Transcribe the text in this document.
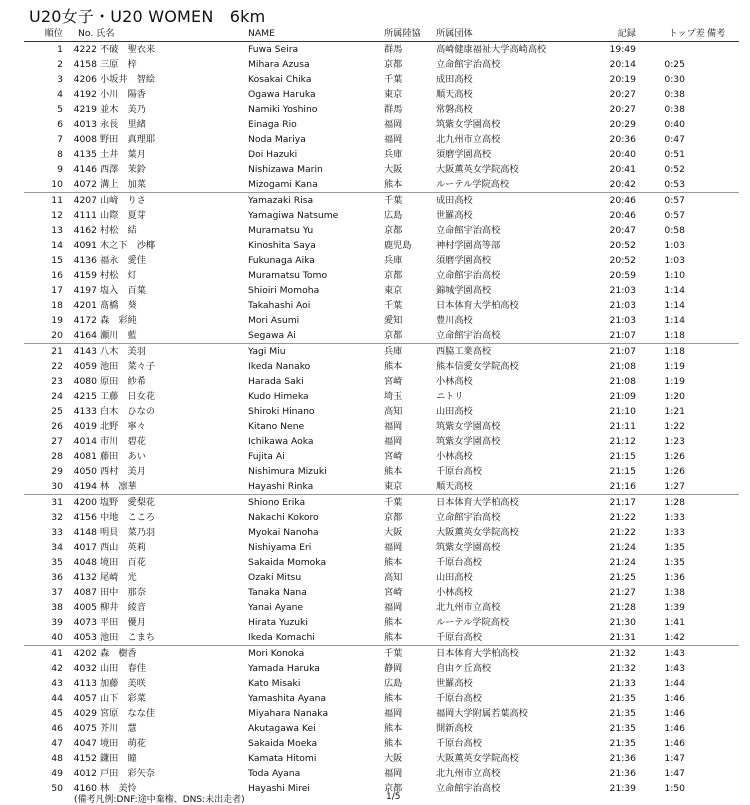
U20女子・U20 WOMEN　6km
順位	No. 氏名		NAME	所属陸協	所属団体	記録	トップ差	備考
1	4222	不破　聖衣来	Fuwa Seira	群馬	高崎健康福祉大学高崎高校	19:49		
2	4158	三原　梓	Mihara Azusa	京都	立命館宇治高校	20:14	0:25	
3	4206	小坂井　智絵	Kosakai Chika	千葉	成田高校	20:19	0:30	
4	4192	小川　陽香	Ogawa Haruka	東京	順天高校	20:27	0:38	
5	4219	並木　美乃	Namiki Yoshino	群馬	常磐高校	20:27	0:38	
6	4013	永長　里緒	Einaga Rio	福岡	筑紫女学園高校	20:29	0:40	
7	4008	野田　真理耶	Noda Mariya	福岡	北九州市立高校	20:36	0:47	
8	4135	土井　葉月	Doi Hazuki	兵庫	須磨学園高校	20:40	0:51	
9	4146	西澤　茉鈴	Nishizawa Marin	大阪	大阪薫英女学院高校	20:41	0:52	
10	4072	溝上　加菜	Mizogami Kana	熊本	ルーテル学院高校	20:42	0:53	
11	4207	山﨑　りさ	Yamazaki Risa	千葉	成田高校	20:46	0:57	
12	4111	山際　夏芽	Yamagiwa Natsume	広島	世羅高校	20:46	0:57	
13	4162	村松　結	Muramatsu Yu	京都	立命館宇治高校	20:47	0:58	
14	4091	木之下　沙椰	Kinoshita Saya	鹿児島	神村学園高等部	20:52	1:03	
15	4136	福永　愛佳	Fukunaga Aika	兵庫	須磨学園高校	20:52	1:03	
16	4159	村松　灯	Muramatsu Tomo	京都	立命館宇治高校	20:59	1:10	
17	4197	塩入　百葉	Shioiri Momoha	東京	錦城学園高校	21:03	1:14	
18	4201	髙橋　葵	Takahashi Aoi	千葉	日本体育大学柏高校	21:03	1:14	
19	4172	森　彩純	Mori Asumi	愛知	豊川高校	21:03	1:14	
20	4164	瀬川　藍	Segawa Ai	京都	立命館宇治高校	21:07	1:18	
21	4143	八木　美羽	Yagi Miu	兵庫	西脇工業高校	21:07	1:18	
22	4059	池田　菜々子	Ikeda Nanako	熊本	熊本信愛女学院高校	21:08	1:19	
23	4080	原田　紗希	Harada Saki	宮崎	小林高校	21:08	1:19	
24	4215	工藤　日女花	Kudo Himeka	埼玉	ニトリ	21:09	1:20	
25	4133	白木　ひなの	Shiroki Hinano	高知	山田高校	21:10	1:21	
26	4019	北野　寧々	Kitano Nene	福岡	筑紫女学園高校	21:11	1:22	
27	4014	市川　碧花	Ichikawa Aoka	福岡	筑紫女学園高校	21:12	1:23	
28	4081	藤田　あい	Fujita Ai	宮崎	小林高校	21:15	1:26	
29	4050	西村　美月	Nishimura Mizuki	熊本	千原台高校	21:15	1:26	
30	4194	林　凛華	Hayashi Rinka	東京	順天高校	21:16	1:27	
31	4200	塩野　愛梨花	Shiono Erika	千葉	日本体育大学柏高校	21:17	1:28	
32	4156	中地　こころ	Nakachi Kokoro	京都	立命館宇治高校	21:22	1:33	
33	4148	明貝　菜乃羽	Myokai Nanoha	大阪	大阪薫英女学院高校	21:22	1:33	
34	4017	西山　英莉	Nishiyama Eri	福岡	筑紫女学園高校	21:24	1:35	
35	4048	境田　百花	Sakaida Momoka	熊本	千原台高校	21:24	1:35	
36	4132	尾崎　光	Ozaki Mitsu	高知	山田高校	21:25	1:36	
37	4087	田中　那奈	Tanaka Nana	宮崎	小林高校	21:27	1:38	
38	4005	柳井　綾音	Yanai Ayane	福岡	北九州市立高校	21:28	1:39	
39	4073	平田　優月	Hirata Yuzuki	熊本	ルーテル学院高校	21:30	1:41	
40	4053	池田　こまち	Ikeda Komachi	熊本	千原台高校	21:31	1:42	
41	4202	森　樹香	Mori Konoka	千葉	日本体育大学柏高校	21:32	1:43	
42	4032	山田　春佳	Yamada Haruka	静岡	自由ケ丘高校	21:32	1:43	
43	4113	加藤　美咲	Kato Misaki	広島	世羅高校	21:33	1:44	
44	4057	山下　彩菜	Yamashita Ayana	熊本	千原台高校	21:35	1:46	
45	4029	宮原　なな佳	Miyahara Nanaka	福岡	福岡大学附属若葉高校	21:35	1:46	
46	4075	芥川　慧	Akutagawa Kei	熊本	開新高校	21:35	1:46	
47	4047	境田　萌花	Sakaida Moeka	熊本	千原台高校	21:35	1:46	
48	4152	鎌田　瞳	Kamata Hitomi	大阪	大阪薫英女学院高校	21:36	1:47	
49	4012	戸田　彩矢奈	Toda Ayana	福岡	北九州市立高校	21:36	1:47	
50	4160	林　美怜	Hayashi Mirei	京都	立命館宇治高校	21:39	1:50	
(備考凡例:DNF:途中棄権、DNS:未出走者)	1/5
